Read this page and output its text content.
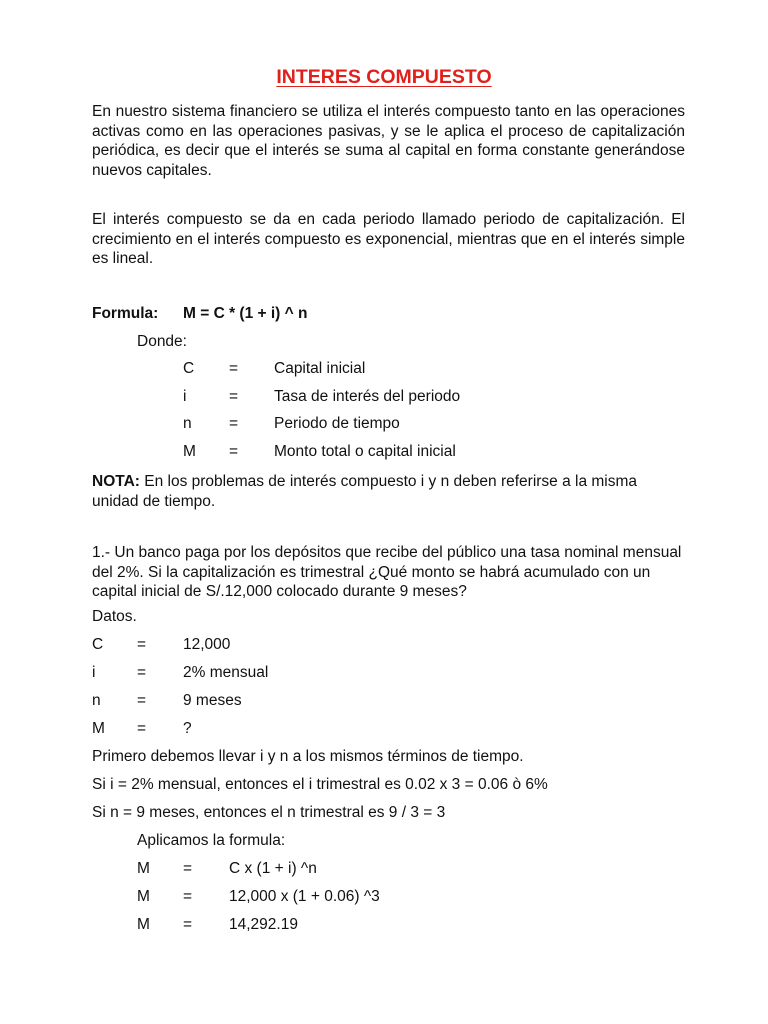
INTERES COMPUESTO

En nuestro sistema financiero se utiliza el interés compuesto tanto en las operaciones activas como en las operaciones pasivas, y se le aplica el proceso de capitalización periódica, es decir que el interés se suma al capital en forma constante generándose nuevos capitales.

El interés compuesto se da en cada periodo llamado periodo de capitalización. El crecimiento en el interés compuesto es exponencial, mientras que en el interés simple es lineal.

Formula: M = C * (1 + i) ^ n
Donde:
C = Capital inicial
i	= Tasa de interés del periodo
n = Periodo de tiempo
M = Monto total o capital inicial

NOTA: En los problemas de interés compuesto i y n deben referirse a la misma unidad de tiempo.

1.- Un banco paga por los depósitos que recibe del público una tasa nominal mensual del 2%. Si la capitalización es trimestral ¿Qué monto se habrá acumulado con un capital inicial de S/.12,000 colocado durante 9 meses?

Datos.
C = 12,000
i	= 2% mensual
n = 9 meses
M = ?
Primero debemos llevar i y n a los mismos términos de tiempo.
Si i = 2% mensual, entonces el i trimestral es 0.02 x 3 = 0.06 ò 6%
Si n = 9 meses, entonces el n trimestral es 9 / 3 = 3
Aplicamos la formula:
M = C x (1 + i) ^n
M = 12,000 x (1 + 0.06) ^3
M = 14,292.19
